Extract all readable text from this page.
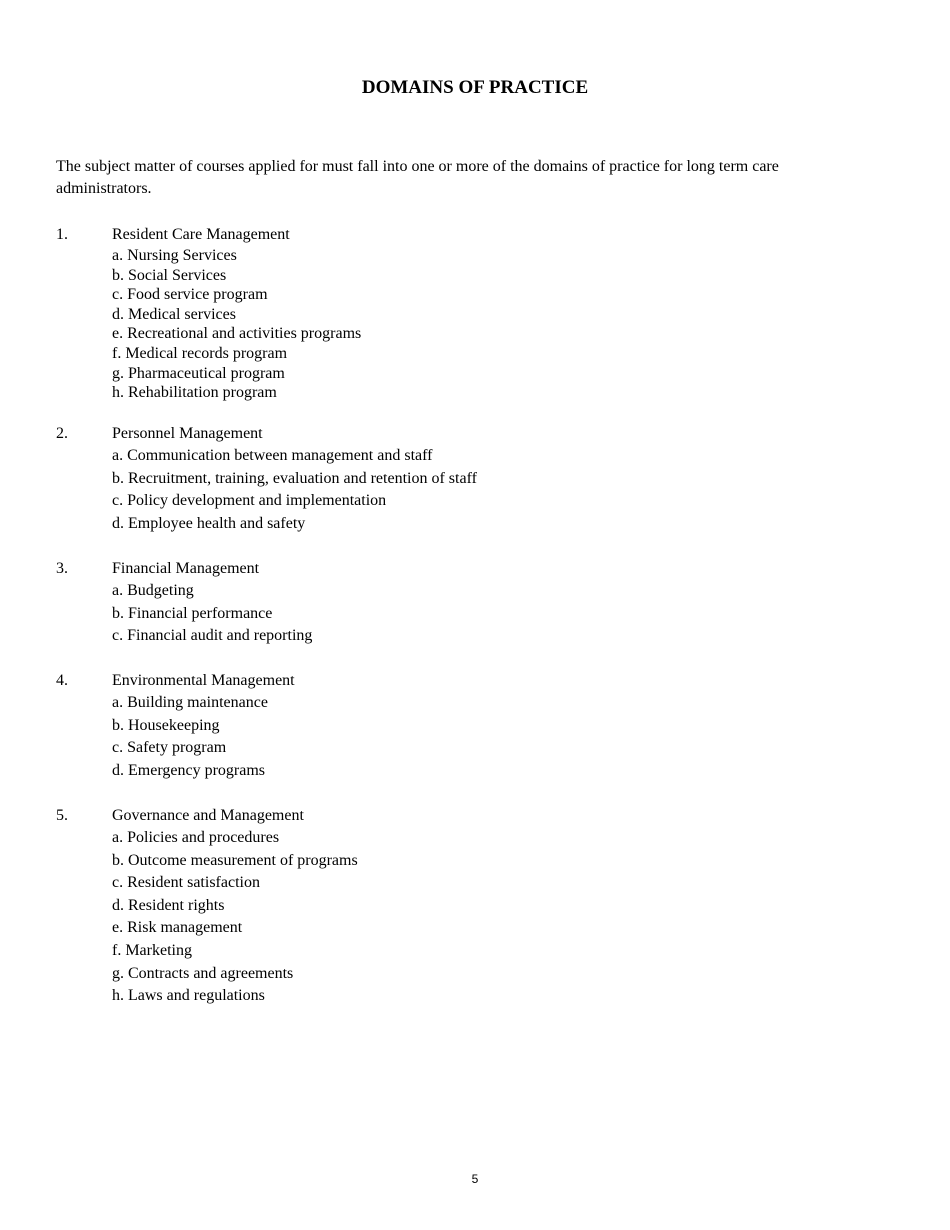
DOMAINS OF PRACTICE
The subject matter of courses applied for must fall into one or more of the domains of practice for long term care administrators.
1.	Resident Care Management
a. Nursing Services
b. Social Services
c. Food service program
d. Medical services
e. Recreational and activities programs
f. Medical records program
g. Pharmaceutical program
h. Rehabilitation program
2.	Personnel Management
a. Communication between management and staff
b. Recruitment, training, evaluation and retention of staff
c. Policy development and implementation
d. Employee health and safety
3.	Financial Management
a. Budgeting
b. Financial performance
c. Financial audit and reporting
4.	Environmental Management
a. Building maintenance
b. Housekeeping
c. Safety program
d. Emergency programs
5.	Governance and Management
a. Policies and procedures
b. Outcome measurement of programs
c. Resident satisfaction
d. Resident rights
e. Risk management
f. Marketing
g. Contracts and agreements
h. Laws and regulations
5
